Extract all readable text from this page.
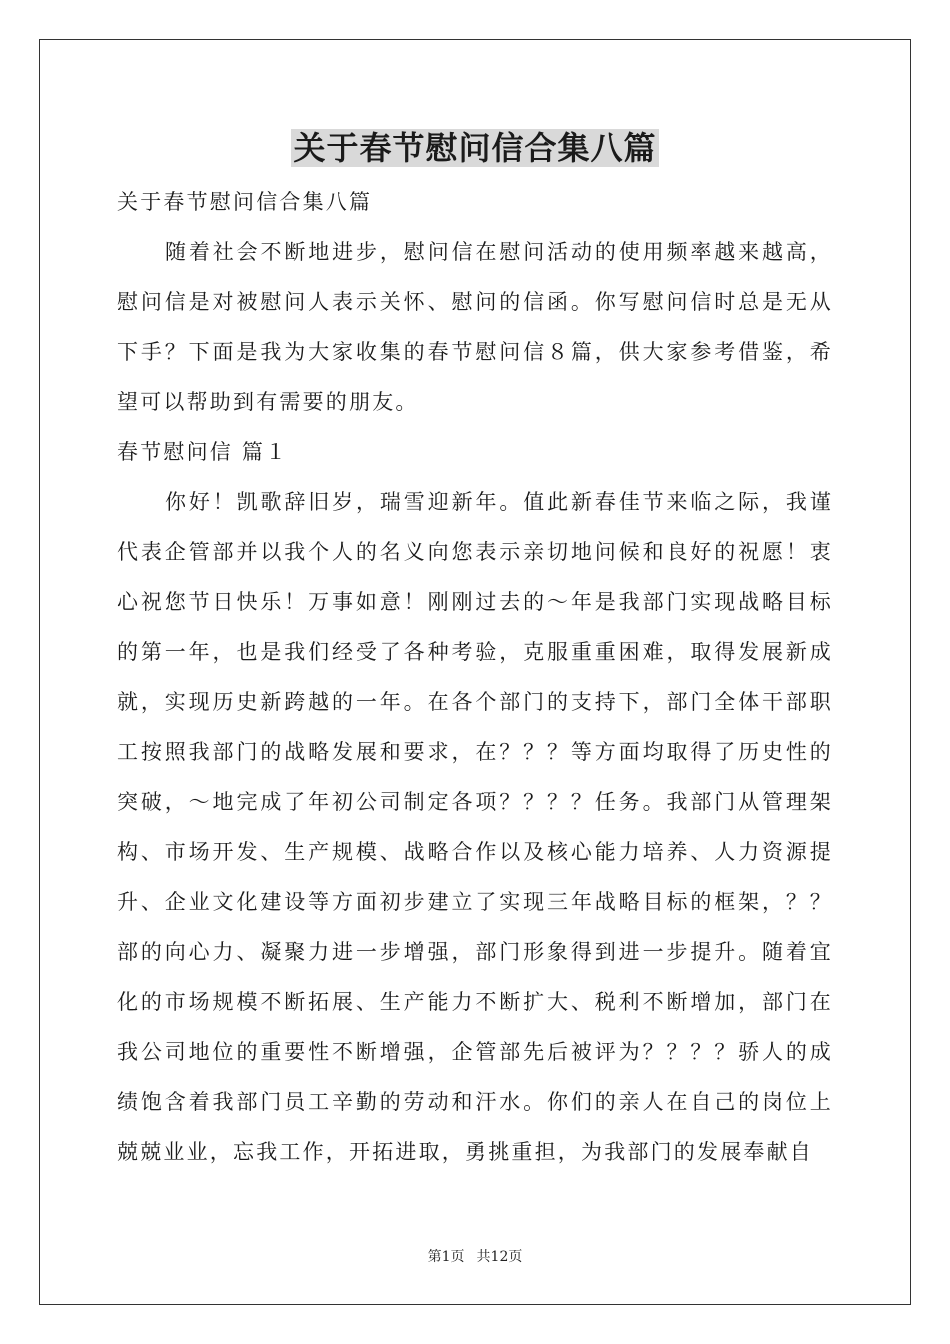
关于春节慰问信合集八篇

关于春节慰问信合集八篇

随着社会不断地进步，慰问信在慰问活动的使用频率越来越高，慰问信是对被慰问人表示关怀、慰问的信函。你写慰问信时总是无从下手？下面是我为大家收集的春节慰问信８篇，供大家参考借鉴，希望可以帮助到有需要的朋友。

春节慰问信 篇１

你好！凯歌辞旧岁，瑞雪迎新年。值此新春佳节来临之际，我谨代表企管部并以我个人的名义向您表示亲切地问候和良好的祝愿！衷心祝您节日快乐！万事如意！刚刚过去的～年是我部门实现战略目标的第一年，也是我们经受了各种考验，克服重重困难，取得发展新成就，实现历史新跨越的一年。在各个部门的支持下，部门全体干部职工按照我部门的战略发展和要求，在？？？等方面均取得了历史性的突破，～地完成了年初公司制定各项？？？？任务。我部门从管理架构、市场开发、生产规模、战略合作以及核心能力培养、人力资源提升、企业文化建设等方面初步建立了实现三年战略目标的框架，？？部的向心力、凝聚力进一步增强，部门形象得到进一步提升。随着宜化的市场规模不断拓展、生产能力不断扩大、税利不断增加，部门在我公司地位的重要性不断增强，企管部先后被评为？？？？骄人的成绩饱含着我部门员工辛勤的劳动和汗水。你们的亲人在自己的岗位上兢兢业业，忘我工作，开拓进取，勇挑重担，为我部门的发展奉献自

第1页 共12页
